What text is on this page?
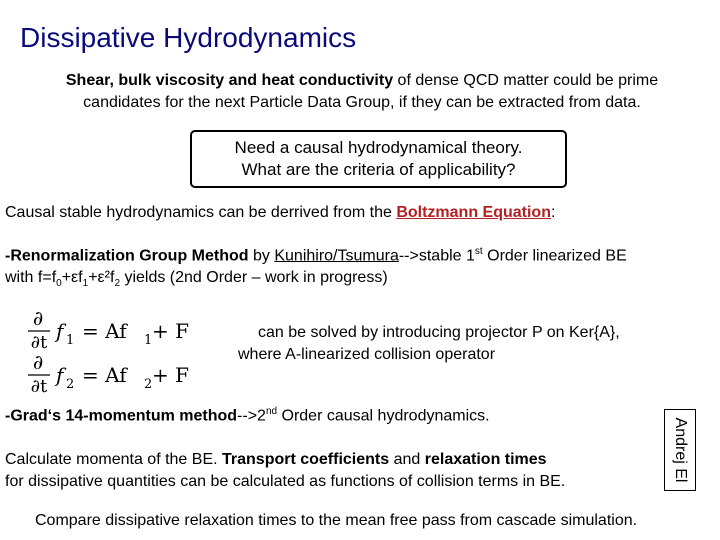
Dissipative Hydrodynamics
Shear, bulk viscosity and heat conductivity of dense QCD matter could be prime
candidates for the next Particle Data Group, if they can be extracted from data.
Need a causal hydrodynamical theory.
What are the criteria of applicability?
Causal stable hydrodynamics can be derrived from the Boltzmann Equation:
-Renormalization Group Method by Kunihiro/Tsumura-->stable 1st Order linearized BE
with $f=f_0+\varepsilon f_1+\varepsilon^2f_2$ yields (2nd Order – work in progress)
∂
∂t f 1 = Af 1 + F
∂
∂t f 2 = Af 2 + F
can be solved by introducing projector P on Ker{A},
where A-linearized collision operator
-Grad‘s 14-momentum method-->2nd Order causal hydrodynamics.
Calculate momenta of the BE. Transport coefficients and relaxation times
for dissipative quantities can be calculated as functions of collision terms in BE.	Andrej El
Compare dissipative relaxation times to the mean free pass from cascade simulation.
